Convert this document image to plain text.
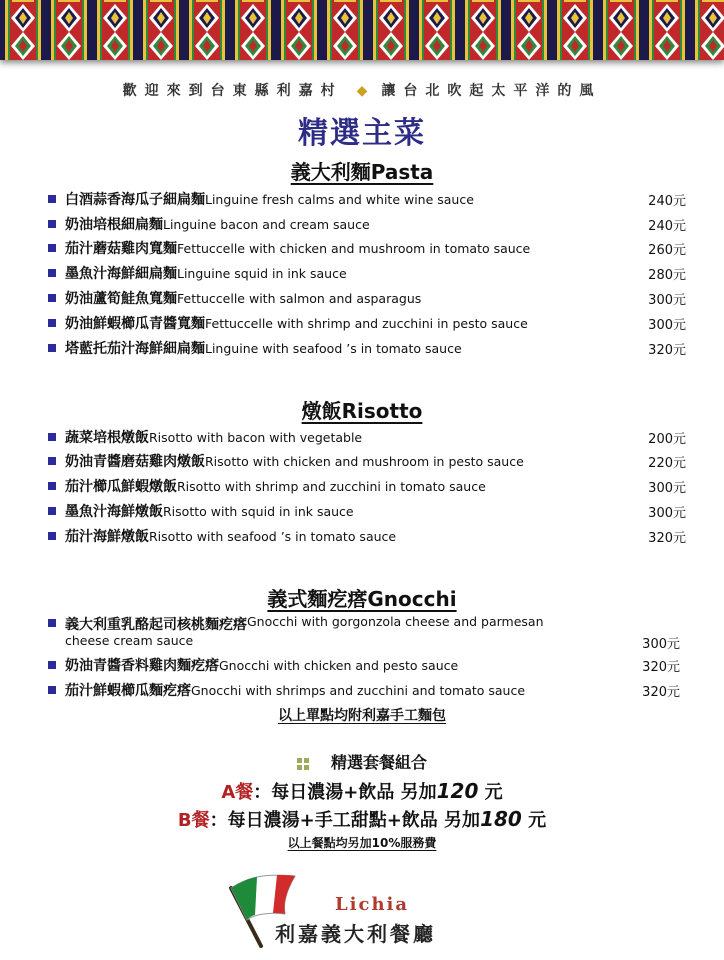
歡迎來到台東縣利嘉村 ◆ 讓台北吹起太平洋的風
精選主菜
義大利麵Pasta
白酒蒜香海瓜子細扁麵 Linguine fresh calms and white wine sauce	240元
奶油培根細扁麵 Linguine bacon and cream sauce	240元
茄汁蘑菇雞肉寬麵 Fettuccelle with chicken and mushroom in tomato sauce	260元
墨魚汁海鮮細扁麵 Linguine squid in ink sauce	280元
奶油蘆筍鮭魚寬麵 Fettuccelle with salmon and asparagus	300元
奶油鮮蝦櫛瓜青醬寬麵 Fettuccelle with shrimp and zucchini in pesto sauce	300元
塔藍托茄汁海鮮細扁麵 Linguine with seafood ’s in tomato sauce	320元
燉飯Risotto
蔬菜培根燉飯 Risotto with bacon with vegetable	200元
奶油青醬磨菇雞肉燉飯 Risotto with chicken and mushroom in pesto sauce	220元
茄汁櫛瓜鮮蝦燉飯 Risotto with shrimp and zucchini in tomato sauce	300元
墨魚汁海鮮燉飯 Risotto with squid in ink sauce	300元
茄汁海鮮燉飯 Risotto with seafood ’s in tomato sauce	320元
義式麵疙瘩Gnocchi
義大利重乳酪起司核桃麵疙瘩 Gnocchi with gorgonzola cheese and parmesan
cheese cream sauce	300元
奶油青醬香料雞肉麵疙瘩 Gnocchi with chicken and pesto sauce	320元
茄汁鮮蝦櫛瓜麵疙瘩 Gnocchi with shrimps and zucchini and tomato sauce	320元
以上單點均附利嘉手工麵包
精選套餐組合
A餐：每日濃湯+飲品 另加120 元
B餐：每日濃湯+手工甜點+飲品 另加180 元
以上餐點均另加10%服務費
Lichia
利嘉義大利餐廳
